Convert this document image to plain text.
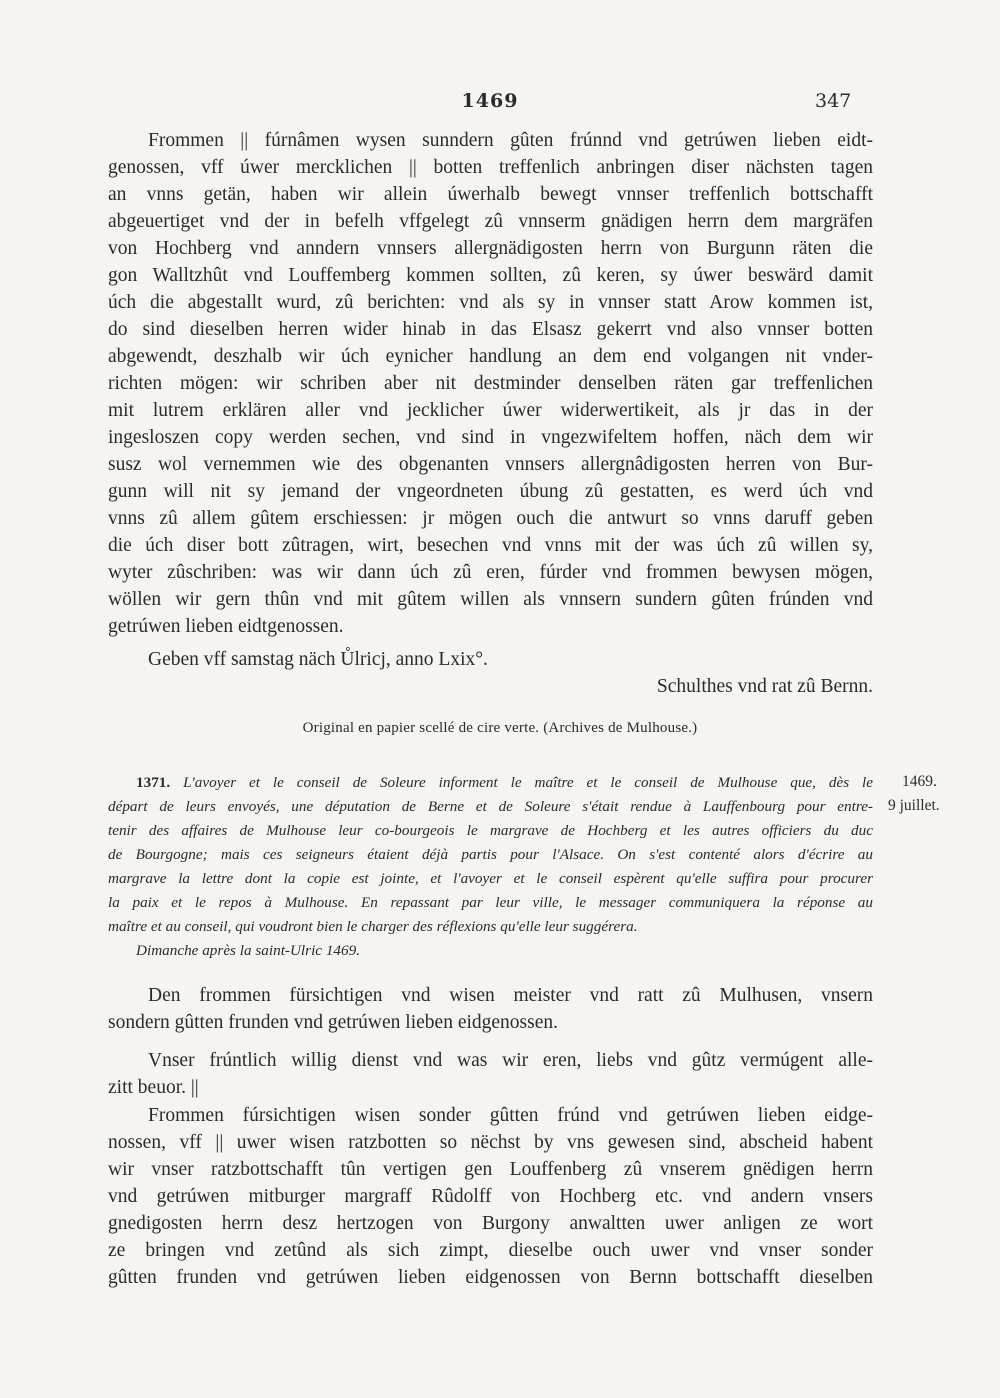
1469	347
Frommen || fúrnâmen wysen sunndern gûten frúnnd vnd getrúwen lieben eidt-
genossen, vff úwer mercklichen || botten treffenlich anbringen diser nächsten tagen
an vnns getän, haben wir allein úwerhalb bewegt vnnser treffenlich bottschafft
abgeuertiget vnd der in befelh vffgelegt zû vnnserm gnädigen herrn dem margräfen
von Hochberg vnd anndern vnnsers allergnädigosten herrn von Burgunn räten die
gon Walltzhût vnd Louffemberg kommen sollten, zû keren, sy úwer beswärd damit
úch die abgestallt wurd, zû berichten: vnd als sy in vnnser statt Arow kommen ist,
do sind dieselben herren wider hinab in das Elsasz gekerrt vnd also vnnser botten
abgewendt, deszhalb wir úch eynicher handlung an dem end volgangen nit vnder-
richten mögen: wir schriben aber nit destminder denselben räten gar treffenlichen
mit lutrem erklären aller vnd jecklicher úwer widerwertikeit, als jr das in der
ingesloszen copy werden sechen, vnd sind in vngezwifeltem hoffen, näch dem wir
susz wol vernemmen wie des obgenanten vnnsers allergnâdigosten herren von Bur-
gunn will nit sy jemand der vngeordneten úbung zû gestatten, es werd úch vnd
vnns zû allem gûtem erschiessen: jr mögen ouch die antwurt so vnns daruff geben
die úch diser bott zûtragen, wirt, besechen vnd vnns mit der was úch zû willen sy,
wyter zûschriben: was wir dann úch zû eren, fúrder vnd frommen bewysen mögen,
wöllen wir gern thûn vnd mit gûtem willen als vnnsern sundern gûten frúnden vnd
getrúwen lieben eidtgenossen.
Geben vff samstag näch Ůlricj, anno Lxix°.
Schulthes vnd rat zû Bernn.
Original en papier scellé de cire verte. (Archives de Mulhouse.)
1371. L'avoyer et le conseil de Soleure informent le maître et le conseil de Mulhouse que, dès le
départ de leurs envoyés, une députation de Berne et de Soleure s'était rendue à Lauffenbourg pour entre-
tenir des affaires de Mulhouse leur co-bourgeois le margrave de Hochberg et les autres officiers du duc
de Bourgogne; mais ces seigneurs étaient déjà partis pour l'Alsace. On s'est contenté alors d'écrire au
margrave la lettre dont la copie est jointe, et l'avoyer et le conseil espèrent qu'elle suffira pour procurer
la paix et le repos à Mulhouse. En repassant par leur ville, le messager communiquera la réponse au
maître et au conseil, qui voudront bien le charger des réflexions qu'elle leur suggérera.
Dimanche après la saint-Ulric 1469.
1469.
9 juillet.
Den frommen fürsichtigen vnd wisen meister vnd ratt zû Mulhusen, vnsern
sondern gûtten frunden vnd getrúwen lieben eidgenossen.
Vnser frúntlich willig dienst vnd was wir eren, liebs vnd gûtz vermúgent alle-
zitt beuor. ||
Frommen fúrsichtigen wisen sonder gûtten frúnd vnd getrúwen lieben eidge-
nossen, vff || uwer wisen ratzbotten so nëchst by vns gewesen sind, abscheid habent
wir vnser ratzbottschafft tûn vertigen gen Louffenberg zû vnserem gnëdigen herrn
vnd getrúwen mitburger margraff Rûdolff von Hochberg etc. vnd andern vnsers
gnedigosten herrn desz hertzogen von Burgony anwaltten uwer anligen ze wort
ze bringen vnd zetûnd als sich zimpt, dieselbe ouch uwer vnd vnser sonder
gûtten frunden vnd getrúwen lieben eidgenossen von Bernn bottschafft dieselben
